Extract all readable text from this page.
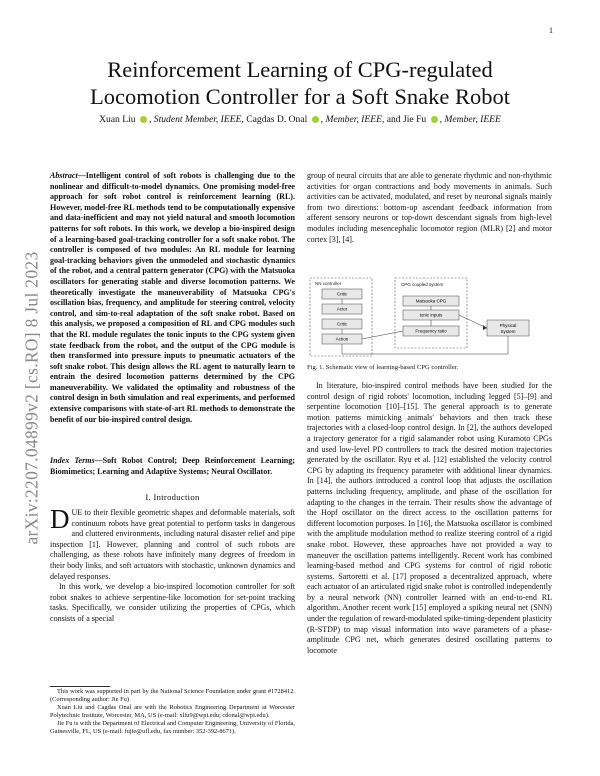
1
arXiv:2207.04899v2 [cs.RO] 8 Jul 2023
Reinforcement Learning of CPG-regulated
Locomotion Controller for a Soft Snake Robot
Xuan Liu , Student Member, IEEE, Cagdas D. Onal , Member, IEEE, and Jie Fu , Member, IEEE
Abstract—Intelligent control of soft robots is challenging due to the nonlinear and difficult-to-model dynamics. One promising model-free approach for soft robot control is reinforcement learning (RL). However, model-free RL methods tend to be computationally expensive and data-inefficient and may not yield natural and smooth locomotion patterns for soft robots. In this work, we develop a bio-inspired design of a learning-based goal-tracking controller for a soft snake robot. The controller is composed of two modules: An RL module for learning goal-tracking behaviors given the unmodeled and stochastic dynamics of the robot, and a central pattern generator (CPG) with the Matsuoka oscillators for generating stable and diverse locomotion patterns. We theoretically investigate the maneuverability of Matsuoka CPG's oscillation bias, frequency, and amplitude for steering control, velocity control, and sim-to-real adaptation of the soft snake robot. Based on this analysis, we proposed a composition of RL and CPG modules such that the RL module regulates the tonic inputs to the CPG system given state feedback from the robot, and the output of the CPG module is then transformed into pressure inputs to pneumatic actuators of the soft snake robot. This design allows the RL agent to naturally learn to entrain the desired locomotion patterns determined by the CPG maneuverability. We validated the optimality and robustness of the control design in both simulation and real experiments, and performed extensive comparisons with state-of-art RL methods to demonstrate the benefit of our bio-inspired control design.
Index Terms—Soft Robot Control; Deep Reinforcement Learning; Biomimetics; Learning and Adaptive Systems; Neural Oscillator.
I. Introduction

DUE to their flexible geometric shapes and deformable materials, soft continuum robots have great potential to perform tasks in dangerous and cluttered environments, including natural disaster relief and pipe inspection [1]. However, planning and control of such robots are challenging, as these robots have infinitely many degrees of freedom in their body links, and soft actuators with stochastic, unknown dynamics and delayed responses.

In this work, we develop a bio-inspired locomotion controller for soft robot snakes to achieve serpentine-like locomotion for set-point tracking tasks. Specifically, we consider utilizing the properties of CPGs, which consists of a special

This work was supported in part by the National Science Foundation under grant #1728412. (Corresponding author: Jie Fu)

Xuan Liu and Cagdas Onal are with the Robotics Engineering Department at Worcester Polytechnic Institute, Worcester, MA, US (e-mail: xliu9@wpi.edu; cdonal@wpi.edu).

Jie Fu is with the Department of Electrical and Computer Engineering, University of Florida, Gainesville, FL, US (e-mail: fujie@ufl.edu, fax number: 352-392-8671).

group of neural circuits that are able to generate rhythmic and non-rhythmic activities for organ contractions and body movements in animals. Such activities can be activated, modulated, and reset by neuronal signals mainly from two directions: bottom-up ascendant feedback information from afferent sensory neurons or top-down descendant signals from high-level modules including mesencephalic locomotor region (MLR) [2] and motor cortex [3], [4].

NN controller
Critic
Actor
Critic
Action
CPG coupled system
Matsuoka CPG
tonic inputs
Frequency ratio
Physical
System
Fig. 1. Schematic view of learning-based CPG controller.

In literature, bio-inspired control methods have been studied for the control design of rigid robots' locomotion, including legged [5]–[9] and serpentine locomotion [10]–[15]. The general approach is to generate motion patterns mimicking animals' behaviors and then track these trajectories with a closed-loop control design. In [2], the authors developed a trajectory generator for a rigid salamander robot using Kuramoto CPGs and used low-level PD controllers to track the desired motion trajectories generated by the oscillator. Ryu et al. [12] established the velocity control CPG by adapting its frequency parameter with additional linear dynamics. In [14], the authors introduced a control loop that adjusts the oscillation patterns including frequency, amplitude, and phase of the oscillation for adapting to the changes in the terrain. Their results show the advantage of the Hopf oscillator on the direct access to the oscillation patterns for different locomotion purposes. In [16], the Matsuoka oscillator is combined with the amplitude modulation method to realize steering control of a rigid snake robot. However, these approaches have not provided a way to maneuver the oscillation patterns intelligently. Recent work has combined learning-based method and CPG systems for control of rigid robotic systems. Sartoretti et al. [17] proposed a decentralized approach, where each actuator of an articulated rigid snake robot is controlled independently by a neural network (NN) controller learned with an end-to-end RL algorithm. Another recent work [15] employed a spiking neural net (SNN) under the regulation of reward-modulated spike-timing-dependent plasticity (R-STDP) to map visual information into wave parameters of a phase-amplitude CPG net, which generates desired oscillating patterns to locomote
